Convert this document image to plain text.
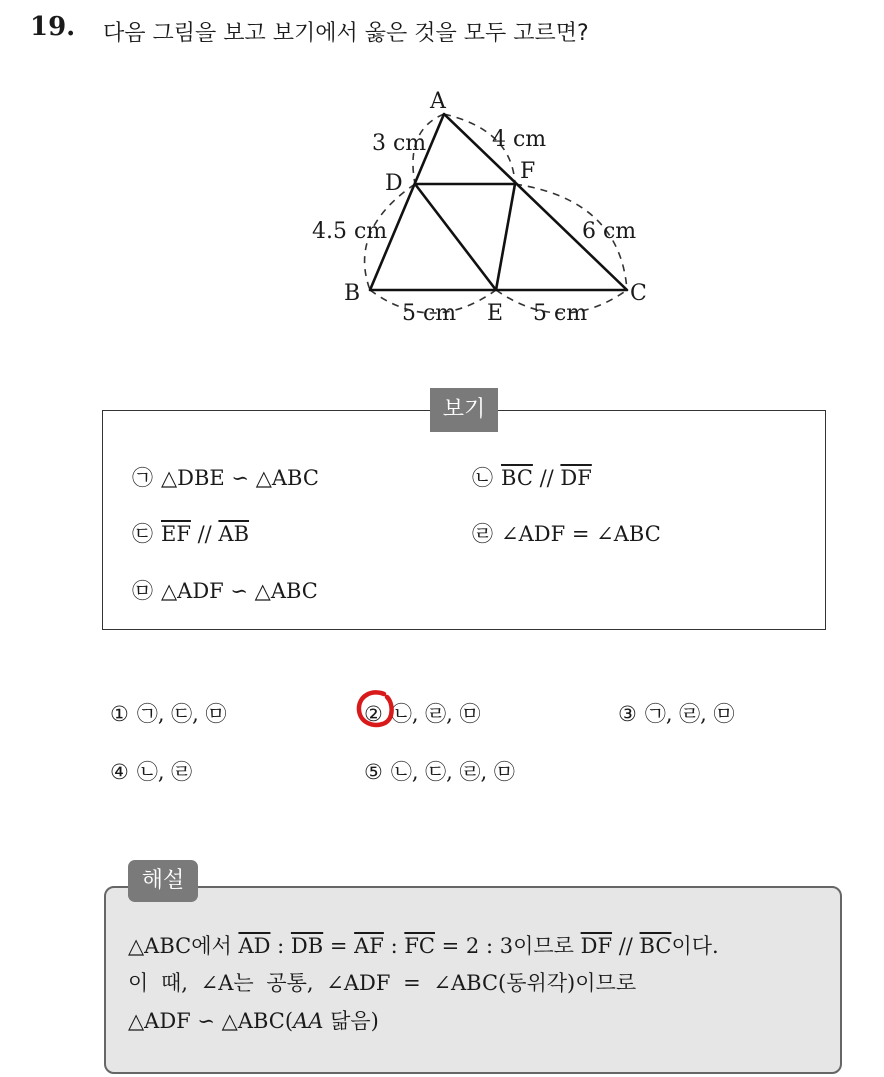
19. 다음 그림을 보고 보기에서 옳은 것을 모두 고르면?
A
B	C
D
E
F
3 cm	4 cm
4.5 cm	6 cm
5 cm	5 cm
보기
㉠ △DBE ∽ △ABC	㉡ $\overline{BC} // \overline{DF}$
㉢ $\overline{EF} // \overline{AB}$	㉣ ∠ADF = ∠ABC
㉤ △ADF ∽ △ABC
① ㉠, ㉢, ㉤	② ㉡, ㉣, ㉤	③ ㉠, ㉣, ㉤
④ ㉡, ㉣	⑤ ㉡, ㉢, ㉣, ㉤
해설
△ABC에서 $\overline{AD}$ : $\overline{DB} = \overline{AF}$ : $\overline{FC} = 2$ : 3이므로 $\overline{DF} // \overline{BC}$이다.
이 때, ∠A는 공통, ∠ADF = ∠ABC(동위각)이므로
△ADF ∽ △ABC(AA 닮음)
